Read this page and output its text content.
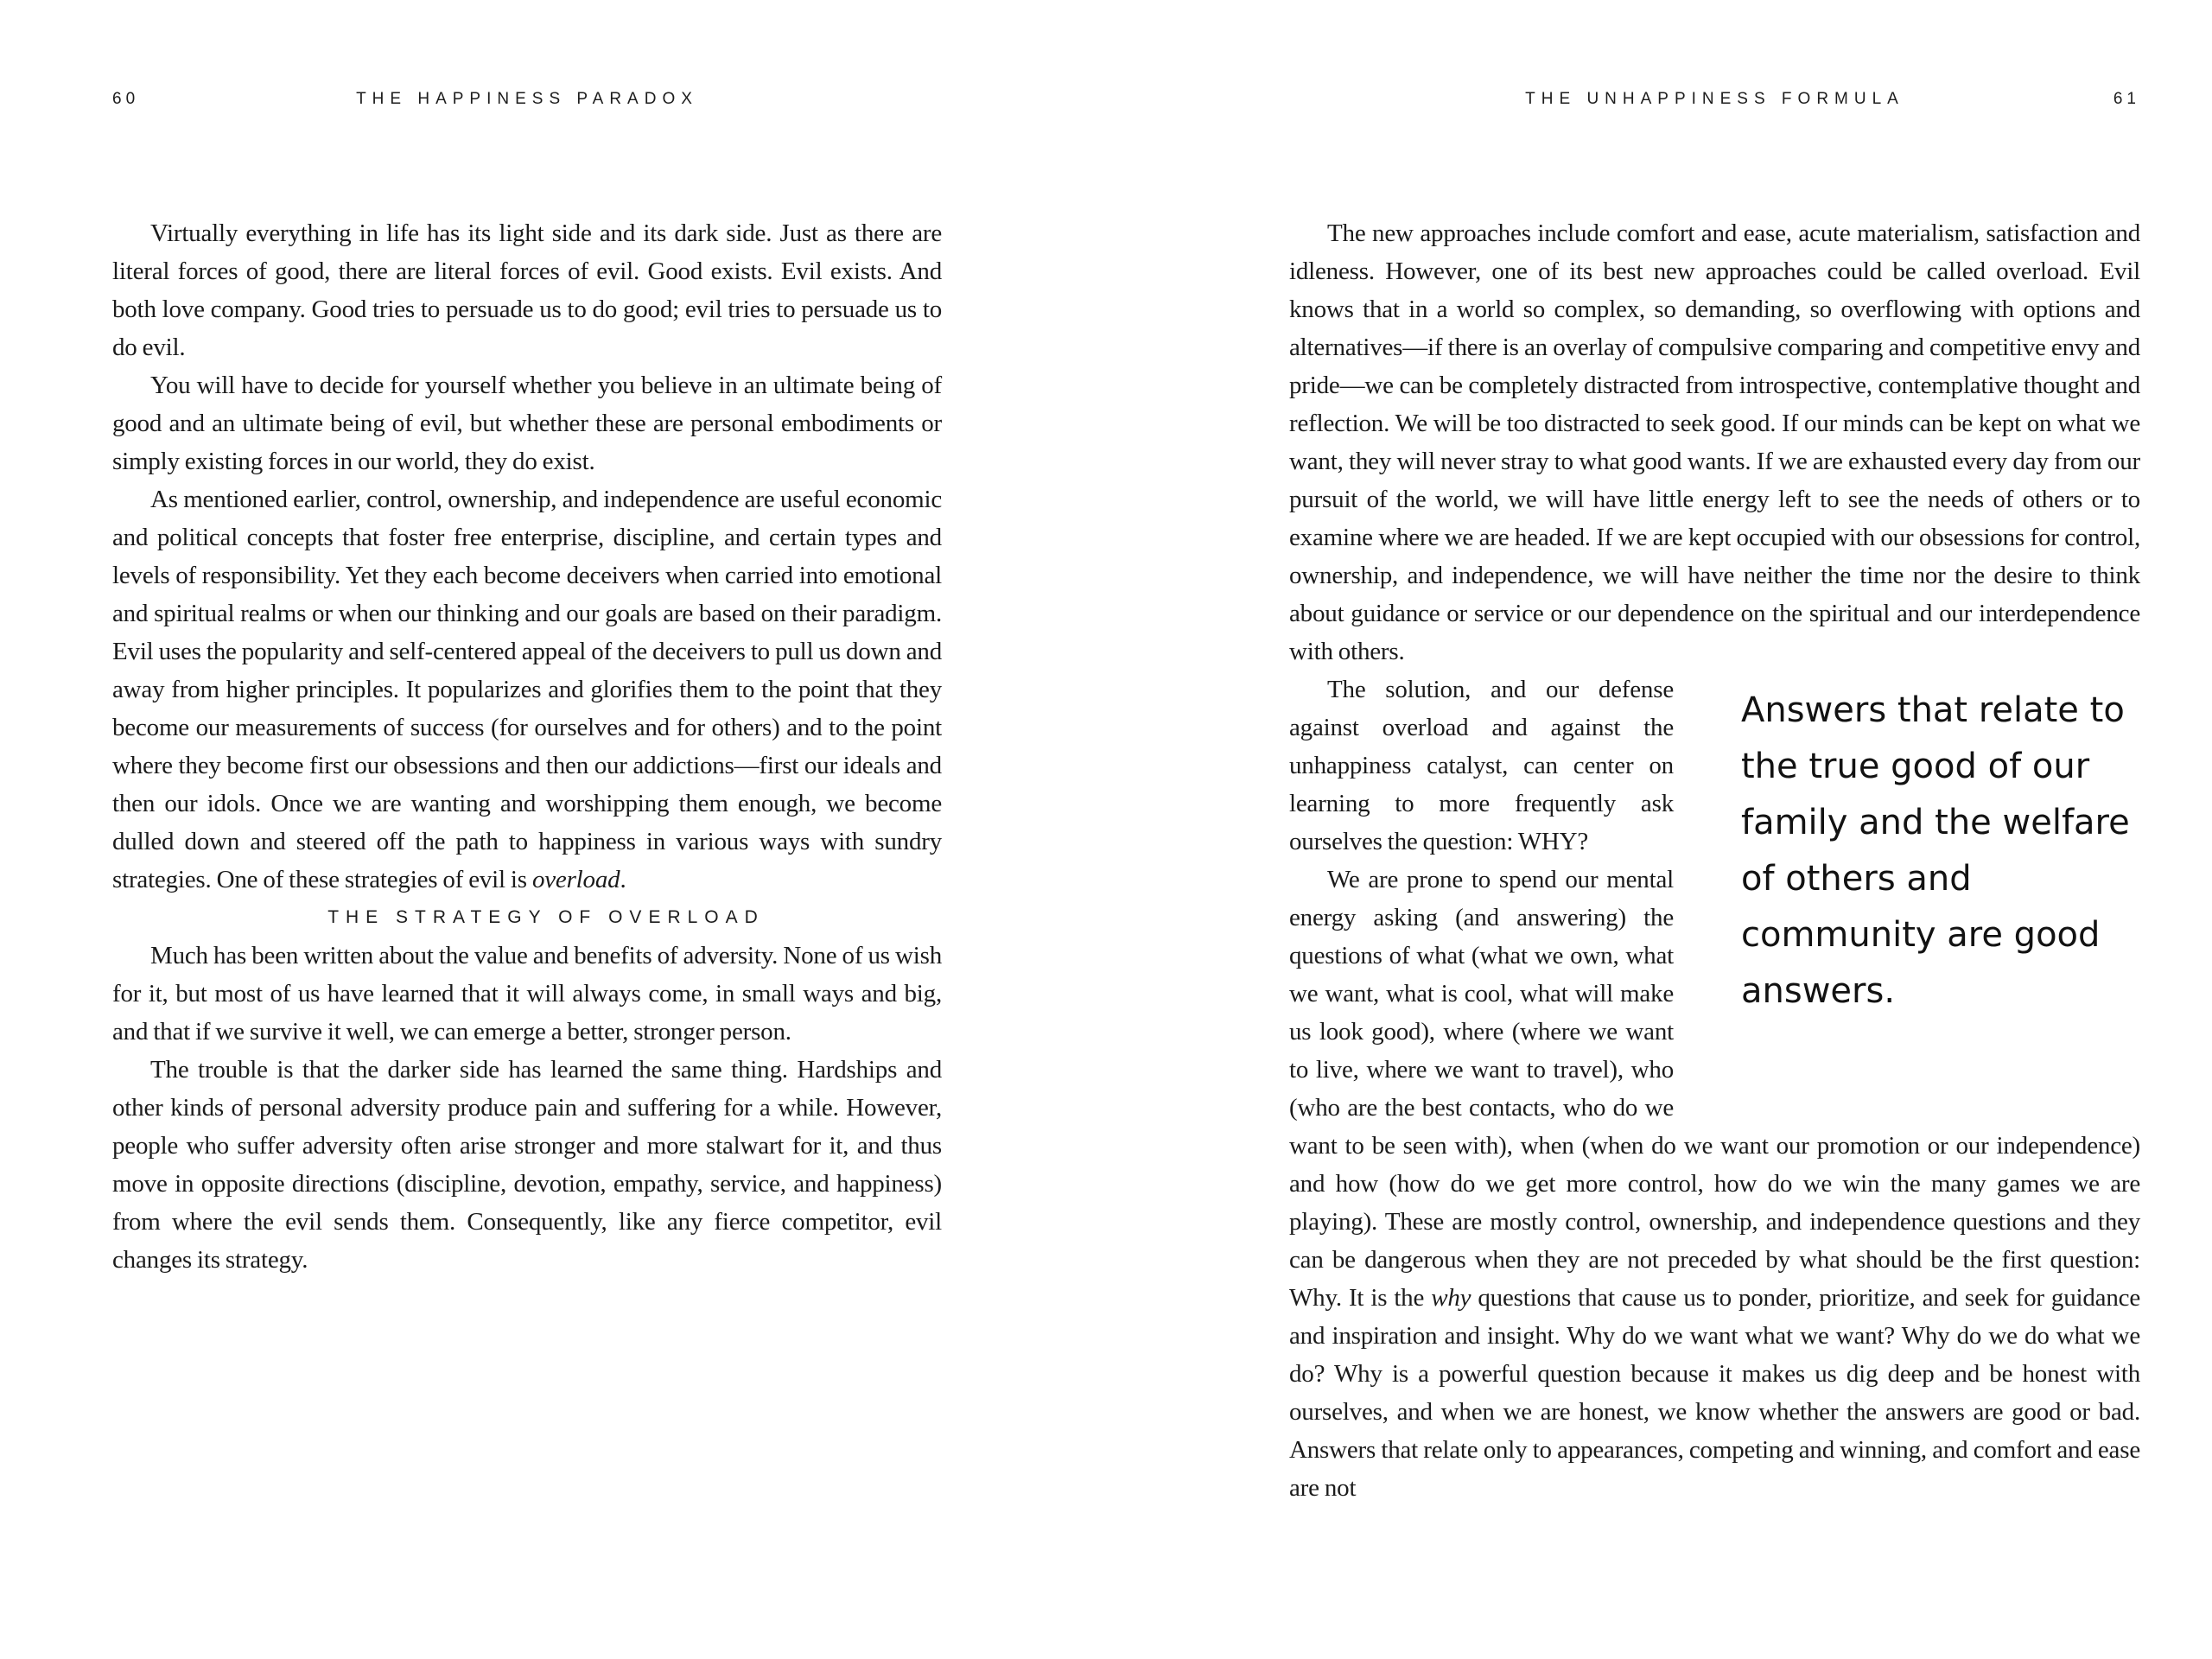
60	THE HAPPINESS PARADOX

Virtually everything in life has its light side and its dark side. Just as there are literal forces of good, there are literal forces of evil. Good exists. Evil exists. And both love company. Good tries to persuade us to do good; evil tries to persuade us to do evil.

You will have to decide for yourself whether you believe in an ultimate being of good and an ultimate being of evil, but whether these are personal embodiments or simply existing forces in our world, they do exist.

As mentioned earlier, control, ownership, and independence are useful economic and political concepts that foster free enterprise, discipline, and certain types and levels of responsibility. Yet they each become deceivers when carried into emotional and spiritual realms or when our thinking and our goals are based on their paradigm. Evil uses the popularity and self-centered appeal of the deceivers to pull us down and away from higher principles. It popularizes and glorifies them to the point that they become our measurements of success (for ourselves and for others) and to the point where they become first our obsessions and then our addictions—first our ideals and then our idols. Once we are wanting and worshipping them enough, we become dulled down and steered off the path to happiness in various ways with sundry strategies. One of these strategies of evil is overload.

THE STRATEGY OF OVERLOAD

Much has been written about the value and benefits of adversity. None of us wish for it, but most of us have learned that it will always come, in small ways and big, and that if we survive it well, we can emerge a better, stronger person.

The trouble is that the darker side has learned the same thing. Hardships and other kinds of personal adversity produce pain and suffering for a while. However, people who suffer adversity often arise stronger and more stalwart for it, and thus move in opposite directions (discipline, devotion, empathy, service, and happiness) from where the evil sends them. Consequently, like any fierce competitor, evil changes its strategy.

THE UNHAPPINESS FORMULA	61

The new approaches include comfort and ease, acute materialism, satisfaction and idleness. However, one of its best new approaches could be called overload. Evil knows that in a world so complex, so demanding, so overflowing with options and alternatives—if there is an overlay of compulsive comparing and competitive envy and pride—we can be completely distracted from introspective, contemplative thought and reflection. We will be too distracted to seek good. If our minds can be kept on what we want, they will never stray to what good wants. If we are exhausted every day from our pursuit of the world, we will have little energy left to see the needs of others or to examine where we are headed. If we are kept occupied with our obsessions for control, ownership, and independence, we will have neither the time nor the desire to think about guidance or service or our dependence on the spiritual and our interdependence with others.

Answers that relate to the true good of our family and the welfare of others and community are good answers.

The solution, and our defense against overload and against the unhappiness catalyst, can center on learning to more frequently ask ourselves the question: WHY?

We are prone to spend our mental energy asking (and answering) the questions of what (what we own, what we want, what is cool, what will make us look good), where (where we want to live, where we want to travel), who (who are the best contacts, who do we want to be seen with), when (when do we want our promotion or our independence) and how (how do we get more control, how do we win the many games we are playing). These are mostly control, ownership, and independence questions and they can be dangerous when they are not preceded by what should be the first question: Why. It is the why questions that cause us to ponder, prioritize, and seek for guidance and inspiration and insight. Why do we want what we want? Why do we do what we do? Why is a powerful question because it makes us dig deep and be honest with ourselves, and when we are honest, we know whether the answers are good or bad. Answers that relate only to appearances, competing and winning, and comfort and ease are not
